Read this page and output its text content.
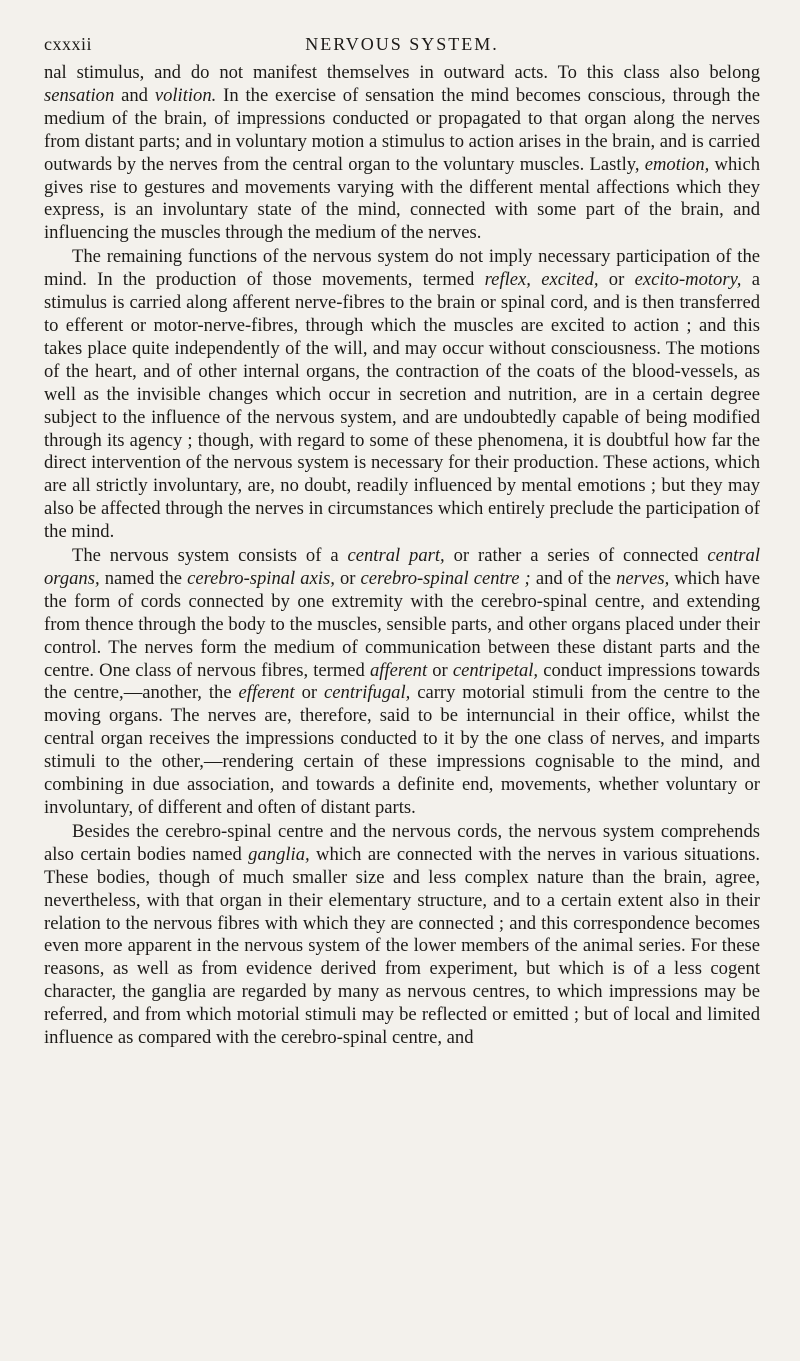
cxxxii	NERVOUS SYSTEM.

nal stimulus, and do not manifest themselves in outward acts. To this class also belong sensation and volition. In the exercise of sensation the mind becomes conscious, through the medium of the brain, of impressions conducted or propagated to that organ along the nerves from distant parts; and in voluntary motion a stimulus to action arises in the brain, and is carried outwards by the nerves from the central organ to the voluntary muscles. Lastly, emotion, which gives rise to gestures and movements varying with the different mental affections which they express, is an involuntary state of the mind, connected with some part of the brain, and influencing the muscles through the medium of the nerves.

The remaining functions of the nervous system do not imply necessary participation of the mind. In the production of those movements, termed reflex, excited, or excito-motory, a stimulus is carried along afferent nerve-fibres to the brain or spinal cord, and is then transferred to efferent or motor-nerve-fibres, through which the muscles are excited to action ; and this takes place quite independently of the will, and may occur without consciousness. The motions of the heart, and of other internal organs, the contraction of the coats of the blood-vessels, as well as the invisible changes which occur in secretion and nutrition, are in a certain degree subject to the influence of the nervous system, and are undoubtedly capable of being modified through its agency ; though, with regard to some of these phenomena, it is doubtful how far the direct intervention of the nervous system is necessary for their production. These actions, which are all strictly involuntary, are, no doubt, readily influenced by mental emotions ; but they may also be affected through the nerves in circumstances which entirely preclude the participation of the mind.

The nervous system consists of a central part, or rather a series of connected central organs, named the cerebro-spinal axis, or cerebro-spinal centre ; and of the nerves, which have the form of cords connected by one extremity with the cerebro-spinal centre, and extending from thence through the body to the muscles, sensible parts, and other organs placed under their control. The nerves form the medium of communication between these distant parts and the centre. One class of nervous fibres, termed afferent or centripetal, conduct impressions towards the centre,—another, the efferent or centrifugal, carry motorial stimuli from the centre to the moving organs. The nerves are, therefore, said to be internuncial in their office, whilst the central organ receives the impressions conducted to it by the one class of nerves, and imparts stimuli to the other,—rendering certain of these impressions cognisable to the mind, and combining in due association, and towards a definite end, movements, whether voluntary or involuntary, of different and often of distant parts.

Besides the cerebro-spinal centre and the nervous cords, the nervous system comprehends also certain bodies named ganglia, which are connected with the nerves in various situations. These bodies, though of much smaller size and less complex nature than the brain, agree, nevertheless, with that organ in their elementary structure, and to a certain extent also in their relation to the nervous fibres with which they are connected ; and this correspondence becomes even more apparent in the nervous system of the lower members of the animal series. For these reasons, as well as from evidence derived from experiment, but which is of a less cogent character, the ganglia are regarded by many as nervous centres, to which impressions may be referred, and from which motorial stimuli may be reflected or emitted ; but of local and limited influence as compared with the cerebro-spinal centre, and
